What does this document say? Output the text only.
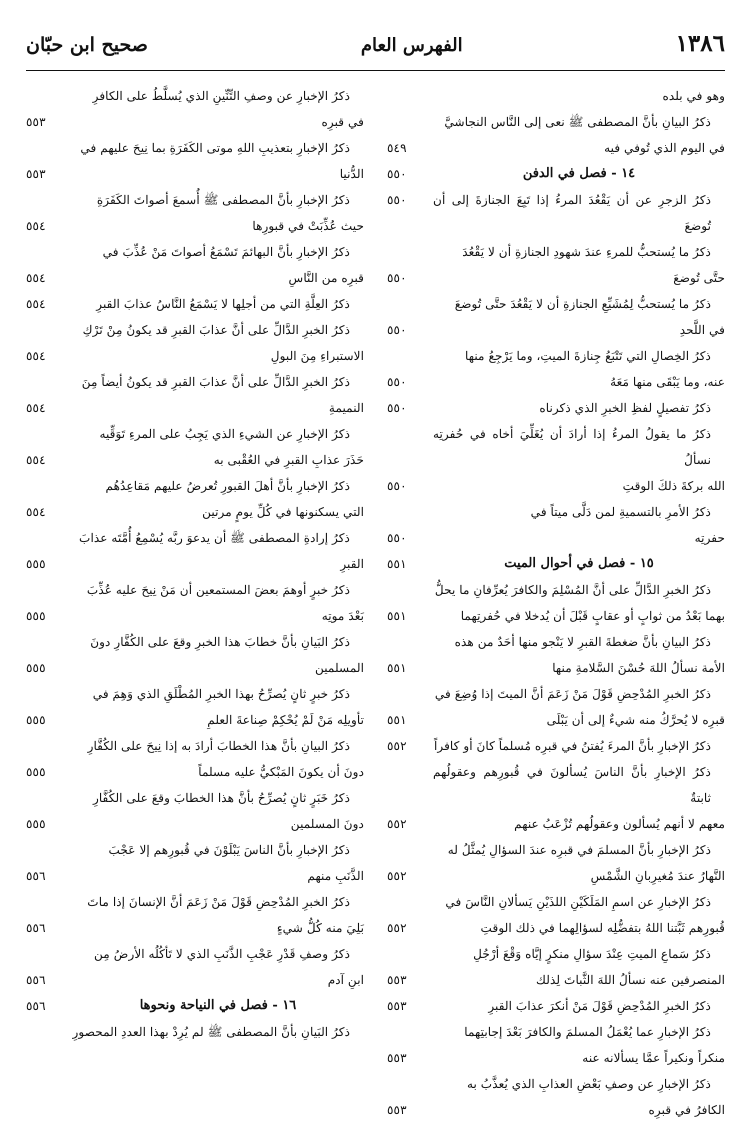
١٣٨٦
الفهرس العام
صحيح ابن حبّان
وهو في بلده
ذكرُ البيانِ بأنَّ المصطفى ﷺ نعى إلى النَّاس النجاشيَّ
في اليوم الذي تُوفي فيه
٥٤٩
١٤ - فصل في الدفن
٥٥٠
ذكرُ الزجرِ عن أن يَقْعُدَ المرءُ إذا تَبِعَ الجنازةَ إلى أن تُوضعَ
٥٥٠
ذكرُ ما يُستحبُّ للمرءِ عندَ شهودِ الجنازةِ أن لا يَقْعُدَ
حتَّى تُوضعَ
٥٥٠
ذكرُ ما يُستحبُّ لِمُشَيِّعِ الجنازةِ أن لا يَقْعُدَ حتَّى تُوضعَ
في اللَّحدِ
٥٥٠
ذكرُ الخِصالِ التي تَتْبَعُ جِنازةَ الميتِ، وما يَرْجِعُ منها
عنه، وما يَبْقَى منها مَعَهُ
٥٥٠
ذكرُ تفصيلٍ لفظِ الخبرِ الذي ذكرناه
٥٥٠
ذكرُ ما يقولُ المرءُ إذا أرادَ أن يُغَلِّيَ أخاه في حُفرتِه نسألُ
الله بركةَ ذلكَ الوقتِ
٥٥٠
ذكرُ الأمرِ بالتسميةِ لمن دَلَّى ميتاً في
حفرتِه
٥٥٠
١٥ - فصل في أحوال الميت
٥٥١
ذكرُ الخبرِ الدَّالِّ على أنَّ المُسْلِمَ والكافرَ يُعرِّفانِ ما يحلُّ
بهما بَعْدُ من ثوابٍ أو عقابٍ قَبْلَ أن يُدخلا في حُفرتِهما
٥٥١
ذكرُ البيانِ بأنَّ ضغطةَ القبرِ لا يَنْجو منها أحَدٌ من هذه
الأمة نسألُ اللهَ حُسْنَ السَّلامةِ منها
٥٥١
ذكرُ الخبرِ المُدْحِضِ قَوْلَ مَنْ زَعَمَ أنَّ الميتَ إذا وُضِعَ في
قبرِه لا يُحرَّكُ منه شيءٌ إلى أن يَبْلَى
٥٥١
ذكرُ الإخبارِ بأنَّ المرءَ يُفتنُ في قبرِه مُسلماً كانَ أو كافراً
٥٥٢
ذكرُ الإخبارِ بأنَّ الناسَ يُسألونَ في قُبورِهم وعقولُهم ثابتةٌ
معهم لا أنهم يُسألون وعقولُهم تُزْعَبُ عنهم
٥٥٢
ذكرُ الإخبارِ بأنَّ المسلمَ في قبرِه عندَ السؤالِ يُمثَّلُ له
النَّهارُ عندَ مُغيرِبانِ الشَّمْسِ
٥٥٢
ذكرُ الإخبارِ عن اسمِ المَلَكَيْنِ اللذَيْنِ يَسألانِ النَّاسَ في
قُبورِهم ثَبَّتنا اللهُ بتفضُّلِه لسؤالِهما في ذلك الوقتِ
٥٥٢
ذكرُ سَماعِ الميتِ عِنْدَ سؤالِ منكرٍ إيَّاه وَقْعَ أرْجُلِ
المنصرفين عنه نسألُ اللهَ الثَّباتَ لِذلك
٥٥٣
ذكرُ الخبرِ المُدْحِضِ قَوْلَ مَنْ أنكرَ عذابَ القبرِ
٥٥٣
ذكرُ الإخبارِ عما يُعْمَلُ المسلمَ والكافرَ بَعْدَ إجابتِهما
منكراً ونكيراً عمَّا يسألانه عنه
٥٥٣
ذكرُ الإخبارِ عن وصفِ بَعْضِ العذابِ الذي يُعذَّبُ به
الكافرُ في قبرِه
٥٥٣
ذكرُ الإخبارِ عن وصفِ التِّنِّينِ الذي يُسلَّطُ على الكافرِ
في قبرِه
٥٥٣
ذكرُ الإخبارِ بتعذيبِ اللهِ موتى الكَفَرَةِ بما نِيحَ عليهم في
الدُّنيا
٥٥٣
ذكرُ الإخبارِ بأنَّ المصطفى ﷺ أُسمعَ أصواتَ الكَفَرَةِ
حيث عُذِّبَتْ في قبورِها
٥٥٤
ذكرُ الإخبارِ بأنَّ البهائمَ تَسْمَعُ أصواتَ مَنْ عُذِّبَ في
قبرِه من النَّاسِ
٥٥٤
ذكرُ العِلَّةِ التي من أجلِها لا يَسْمَعُ النَّاسُ عذابَ القبرِ
٥٥٤
ذكرُ الخبرِ الدَّالِّ على أنَّ عذابَ القبرِ قد يكونُ مِنْ تَرْكِ
الاستبراءِ مِنَ البولِ
٥٥٤
ذكرُ الخبرِ الدَّالِّ على أنَّ عذابَ القبرِ قد يكونُ أيضاً مِنَ
النميمةِ
٥٥٤
ذكرُ الإخبارِ عن الشيءِ الذي يَجِبُ على المرءِ تَوَقِّيه
حَذَرَ عذابِ القبرِ في العُقْبى به
٥٥٤
ذكرُ الإخبارِ بأنَّ أهلَ القبورِ تُعرضُ عليهم مَقاعِدُهُم
التي يسكنونها في كُلِّ يومٍ مرتين
٥٥٤
ذكرُ إرادةِ المصطفى ﷺ أن يدعوَ ربَّه يُسْمِعُ أُمَّتَه عذابَ
القبرِ
٥٥٥
ذكرُ خبرٍ أوهمَ بعضَ المستمعين أن مَنْ نِيحَ عليه عُذِّبَ
بَعْدَ موتِه
٥٥٥
ذكرُ البَيانِ بأنَّ خطابَ هذا الخبرِ وقعَ على الكُفَّارِ دونَ
المسلمين
٥٥٥
ذكرُ خبرٍ ثانٍ يُصرِّحُ بهذا الخبرِ المُطْلَقِ الذي وَهِمَ في
تأويلِه مَنْ لَمْ يُحْكِمْ صِناعةَ العلمِ
٥٥٥
ذكرُ البيانِ بأنَّ هذا الخطابَ أرادَ به إذا نِيحَ على الكُفَّارِ
دونَ أن يكونَ المَبْكيُّ عليه مسلماً
٥٥٥
ذكرُ خَبَرٍ ثانٍ يُصرِّحُ بأنَّ هذا الخطابَ وقعَ على الكُفَّارِ
دونَ المسلمين
٥٥٥
ذكرُ الإخبارِ بأنَّ الناسَ يَبْلَوْنَ في قُبورِهم إلا عَجْبَ
الذَّنَبِ منهم
٥٥٦
ذكرُ الخبرِ المُدْحِضِ قَوْلَ مَنْ زَعَمَ أنَّ الإنسانَ إذا ماتَ
بَلِيَ منه كُلُّ شيءٍ
٥٥٦
ذكرُ وصفِ قَدْرِ عَجْبِ الذَّنَبِ الذي لا تَأكُلُه الأرضُ مِن
ابنِ آدم
٥٥٦
١٦ - فصل في النياحة ونحوها
٥٥٦
ذكرُ البَيانِ بأنَّ المصطفى ﷺ لم يُرِدْ بهذا العددِ المحصورِ
